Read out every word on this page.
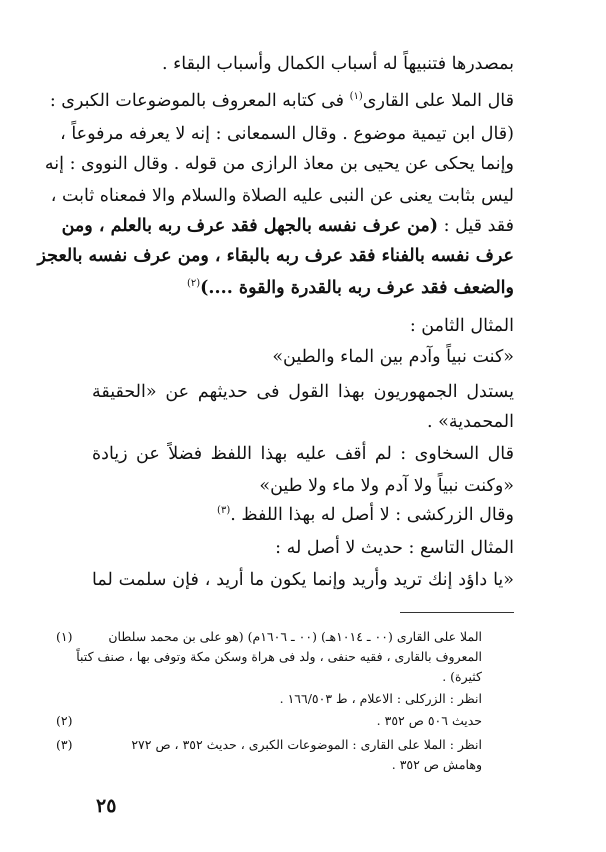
بمصدرها فتنبيهاً له أسباب الكمال وأسباب البقاء .
قال الملا على القارى$^{(١)}$ فى كتابه المعروف بالموضوعات الكبرى :
(قال ابن تيمية موضوع . وقال السمعانى : إنه لا يعرفه مرفوعاً ،
وإنما يحكى عن يحيى بن معاذ الرازى من قوله . وقال النووى : إنه
ليس بثابت يعنى عن النبى عليه الصلاة والسلام والا فمعناه ثابت ،
فقد قيل : (من عرف نفسه بالجهل فقد عرف ربه بالعلم ، ومن
عرف نفسه بالفناء فقد عرف ربه بالبقاء ، ومن عرف نفسه بالعجز
والضعف فقد عرف ربه بالقدرة والقوة ....)$^{(٢)}$
المثال الثامن :
«كنت نبياً وآدم بين الماء والطين»
يستدل الجمهوريون بهذا القول فى حديثهم عن «الحقيقة
المحمدية» .
قال السخاوى : لم أقف عليه بهذا اللفظ فضلاً عن زيادة
«وكنت نبياً ولا آدم ولا ماء ولا طين»
وقال الزركشى : لا أصل له بهذا اللفظ .$^{(٣)}$
المثال التاسع : حديث لا أصل له :
«يا داؤد إنك تريد وأريد وإنما يكون ما أريد ، فإن سلمت لما
(١)	الملا على القارى (٠٠ ـ ١٠١٤هـ) (٠٠ ـ ١٦٠٦م) (هو على بن محمد سلطان
المعروف بالقارى ، فقيه حنفى ، ولد فى هراة وسكن مكة وتوفى بها ، صنف كتباً
كثيرة) .
انظر : الزركلى : الاعلام ، ط ١٦٦/٥٠٣ .
(٢)	حديث ٥٠٦ ص ٣٥٢ .
(٣)	انظر : الملا على القارى : الموضوعات الكبرى ، حديث ٣٥٢ ، ص ٢٧٢
وهامش ص ٣٥٢ .
٢٥
